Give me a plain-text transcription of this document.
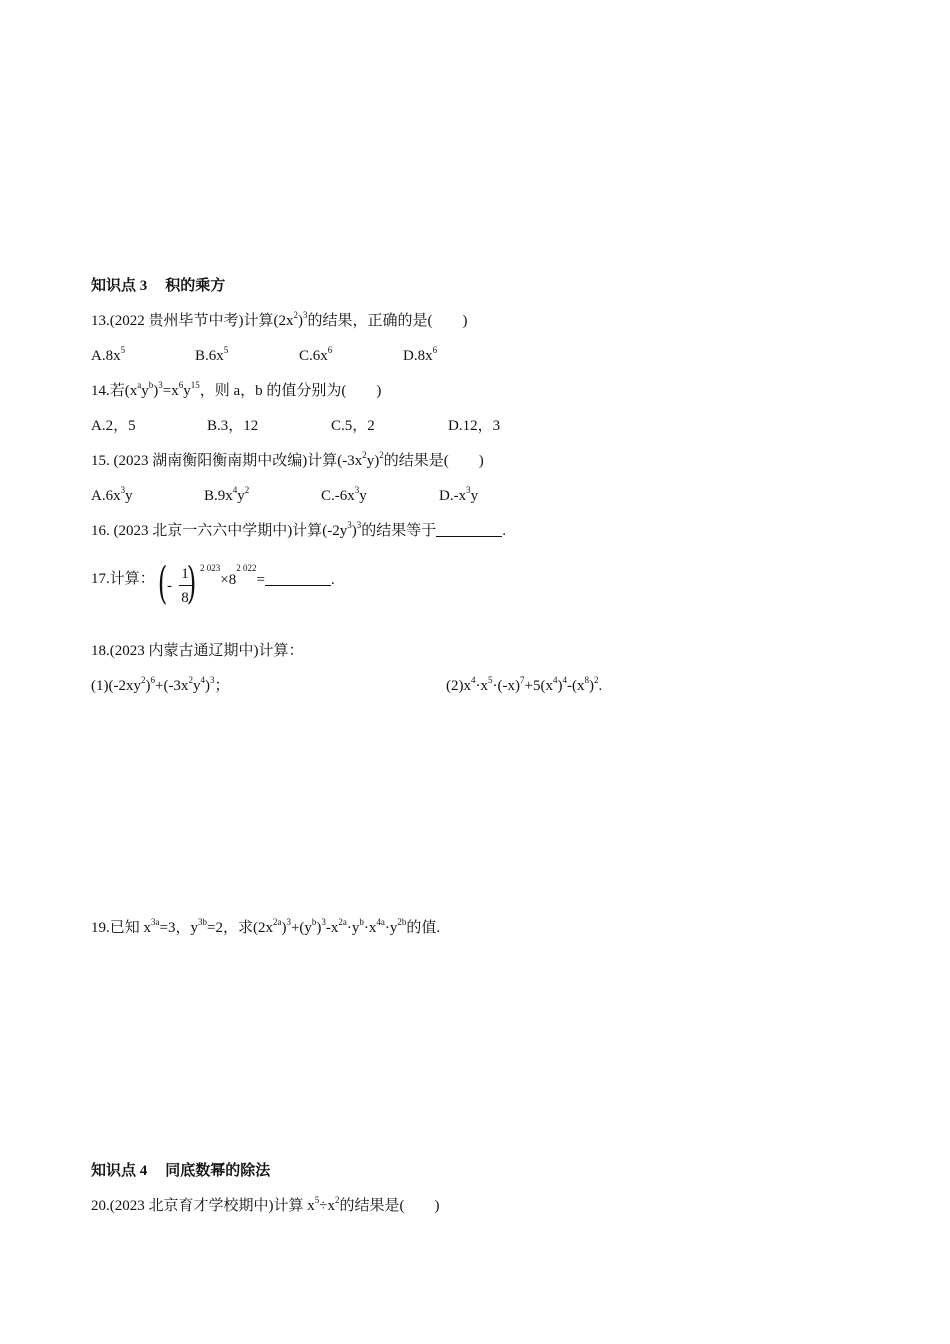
知识点 3 积的乘方
13.(2022 贵州毕节中考)计算$(2x^2)^3$的结果，正确的是(　　)
$A.8x^5$	$B.6x^5$	$C.6x^6$	$D.8x^6$
14.若$(x^ay^b)^3=x^6y^{15}$，则 a，b 的值分别为(　　)
A.2，5	B.3，12	C.5，2	D.12，3
15. (2023 湖南衡阳衡南期中改编)计算$(-3x^2y)^2$的结果是(　　)
$A.6x^3y$	$B.9x^4y^2$	$C.-6x^3y$	$D.-x^3y$
16. (2023 北京一六六中学期中)计算$(-2y^3)^3$的结果等于	.
17.计算： ( -
1
8
) $^{2 023}\times 8^{2 022}=$	.
18.(2023 内蒙古通辽期中)计算：
$(1)(-2xy^2)^6+(-3x^2y^4)^3$；	$(2)x^4\cdot x^5\cdot(-x)^7+5(x^4)^4-(x^8)^2$.
19.已知 $x^{3a}=3$，$y^{3b}=2$，求$(2x^{2a})^3+(y^b)^3-x^{2a}\cdot y^b\cdot x^{4a}\cdot y^{2b}$的值.
知识点 4 同底数幂的除法
20.(2023 北京育才学校期中)计算 $x^5\div x^2$的结果是(　　)
